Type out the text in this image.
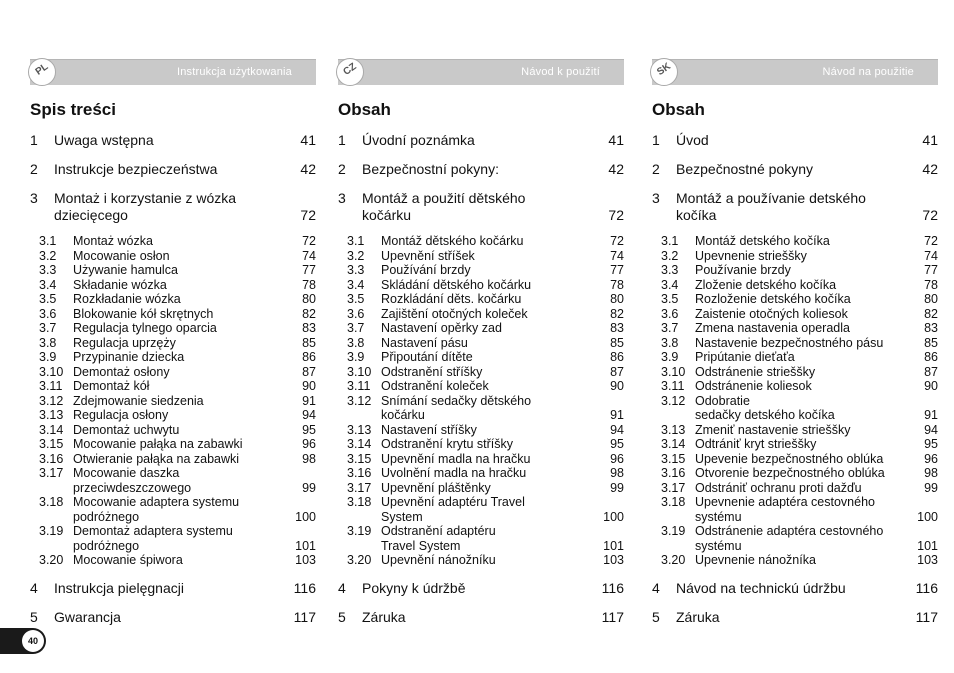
PL	Instrukcja użytkowania
Spis treści
1 Uwaga wstępna	41
2 Instrukcje bezpieczeństwa	42
3 Montaż i korzystanie z wózka
dziecięcego	72
3.1 Montaż wózka	72
3.2 Mocowanie osłon	74
3.3 Używanie hamulca	77
3.4 Składanie wózka	78
3.5 Rozkładanie wózka	80
3.6 Blokowanie kół skrętnych	82
3.7 Regulacja tylnego oparcia	83
3.8 Regulacja uprzęży	85
3.9 Przypinanie dziecka	86
3.10 Demontaż osłony	87
3.11 Demontaż kół	90
3.12 Zdejmowanie siedzenia	91
3.13 Regulacja osłony	94
3.14 Demontaż uchwytu	95
3.15 Mocowanie pałąka na zabawki	96
3.16 Otwieranie pałąka na zabawki	98
3.17 Mocowanie daszka
przeciwdeszczowego	99
3.18 Mocowanie adaptera systemu
podróżnego	100
3.19 Demontaż adaptera systemu
podróżnego	101
3.20 Mocowanie śpiwora	103
4 Instrukcja pielęgnacji	116
5 Gwarancja	117
CZ	Návod k použití
Obsah
1 Úvodní poznámka	41
2 Bezpečnostní pokyny:	42
3 Montáž a použití dětského
kočárku	72
3.1 Montáž dětského kočárku	72
3.2 Upevnění stříšek	74
3.3 Používání brzdy	77
3.4 Skládání dětského kočárku	78
3.5 Rozkládání děts. kočárku	80
3.6 Zajištění otočných koleček	82
3.7 Nastavení opěrky zad	83
3.8 Nastavení pásu	85
3.9 Připoutání dítěte	86
3.10 Odstranění stříšky	87
3.11 Odstranění koleček	90
3.12 Snímání sedačky dětského
kočárku	91
3.13 Nastavení stříšky	94
3.14 Odstranění krytu stříšky	95
3.15 Upevnění madla na hračku	96
3.16 Uvolnění madla na hračku	98
3.17 Upevnění pláštěnky	99
3.18 Upevnění adaptéru Travel
System	100
3.19 Odstranění adaptéru
Travel System	101
3.20 Upevnění nánožníku	103
4 Pokyny k údržbě	116
5 Záruka	117
SK	Návod na použitie
Obsah
1 Úvod	41
2 Bezpečnostné pokyny	42
3 Montáž a používanie detského
kočíka	72
3.1 Montáž detského kočíka	72
3.2 Upevnenie strieššky	74
3.3 Používanie brzdy	77
3.4 Zloženie detského kočíka	78
3.5 Rozloženie detského kočíka	80
3.6 Zaistenie otočných koliesok	82
3.7 Zmena nastavenia operadla	83
3.8 Nastavenie bezpečnostného pásu	85
3.9 Pripútanie dieťaťa	86
3.10 Odstránenie strieššky	87
3.11 Odstránenie koliesok	90
3.12 Odobratie
sedačky detského kočíka	91
3.13 Zmeniť nastavenie strieššky	94
3.14 Odtrániť kryt strieššky	95
3.15 Upevenie bezpečnostného oblúka	96
3.16 Otvorenie bezpečnostného oblúka	98
3.17 Odstrániť ochranu proti dažďu	99
3.18 Upevnenie adaptéra cestovného
systému	100
3.19 Odstránenie adaptéra cestovného
systému	101
3.20 Upevnenie nánožníka	103
4 Návod na technickú údržbu	116
5 Záruka	117
40
